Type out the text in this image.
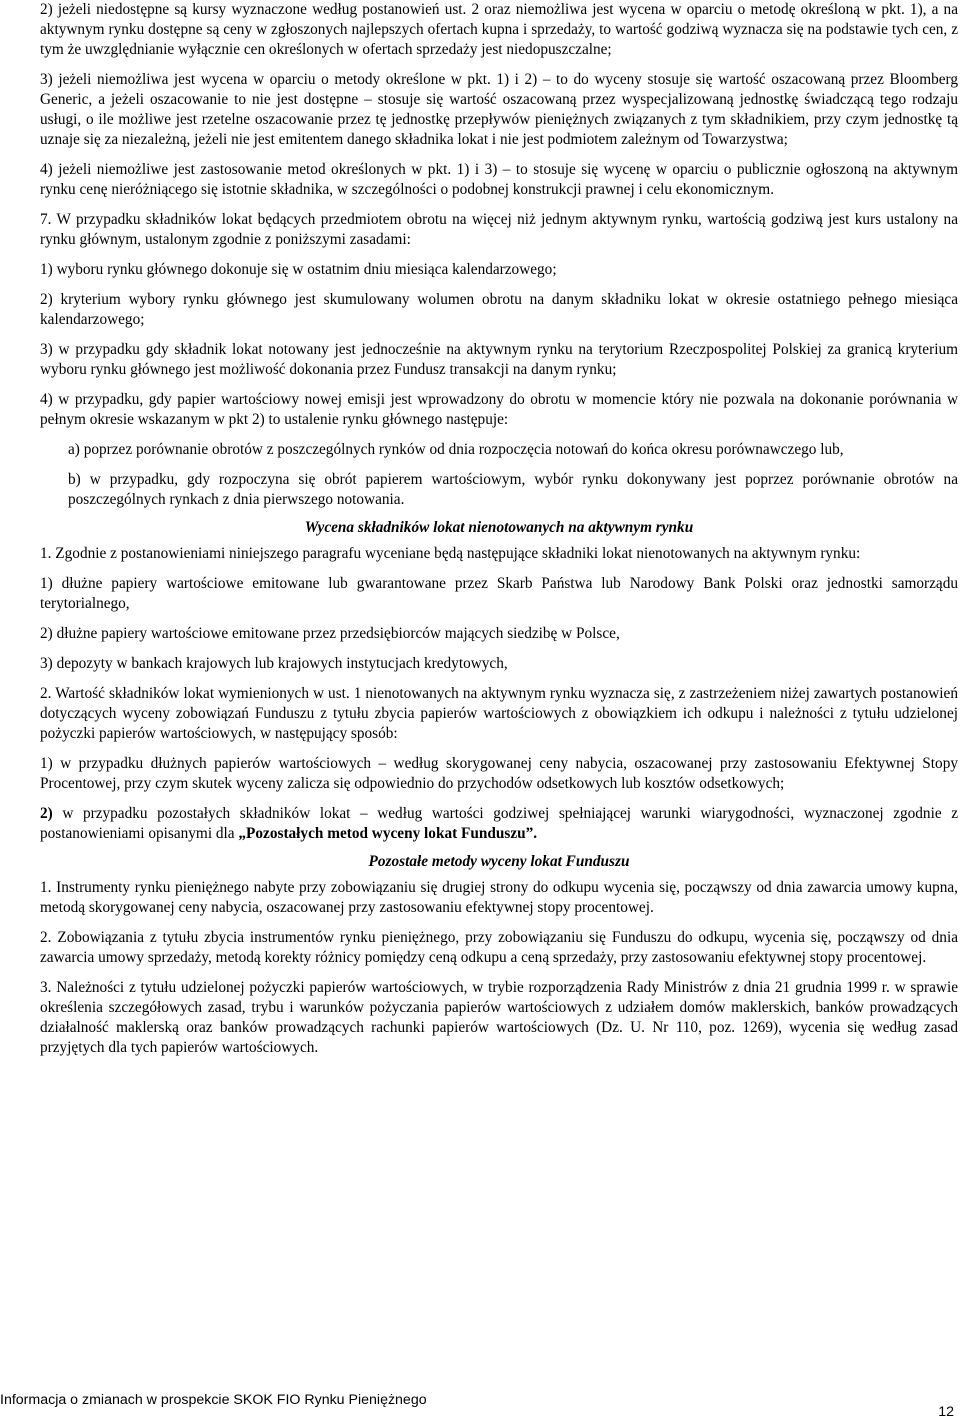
2) jeżeli niedostępne są kursy wyznaczone według postanowień ust. 2 oraz niemożliwa jest wycena w oparciu o metodę określoną w pkt. 1), a na aktywnym rynku dostępne są ceny w zgłoszonych najlepszych ofertach kupna i sprzedaży, to wartość godziwą wyznacza się na podstawie tych cen, z tym że uwzględnianie wyłącznie cen określonych w ofertach sprzedaży jest niedopuszczalne;

3) jeżeli niemożliwa jest wycena w oparciu o metody określone w pkt. 1) i 2) – to do wyceny stosuje się wartość oszacowaną przez Bloomberg Generic, a jeżeli oszacowanie to nie jest dostępne – stosuje się wartość oszacowaną przez wyspecjalizowaną jednostkę świadczącą tego rodzaju usługi, o ile możliwe jest rzetelne oszacowanie przez tę jednostkę przepływów pieniężnych związanych z tym składnikiem, przy czym jednostkę tą uznaje się za niezależną, jeżeli nie jest emitentem danego składnika lokat i nie jest podmiotem zależnym od Towarzystwa;

4) jeżeli niemożliwe jest zastosowanie metod określonych w pkt. 1) i 3) – to stosuje się wycenę w oparciu o publicznie ogłoszoną na aktywnym rynku cenę nieróżniącego się istotnie składnika, w szczególności o podobnej konstrukcji prawnej i celu ekonomicznym.

7. W przypadku składników lokat będących przedmiotem obrotu na więcej niż jednym aktywnym rynku, wartością godziwą jest kurs ustalony na rynku głównym, ustalonym zgodnie z poniższymi zasadami:

1) wyboru rynku głównego dokonuje się w ostatnim dniu miesiąca kalendarzowego;

2) kryterium wybory rynku głównego jest skumulowany wolumen obrotu na danym składniku lokat w okresie ostatniego pełnego miesiąca kalendarzowego;

3) w przypadku gdy składnik lokat notowany jest jednocześnie na aktywnym rynku na terytorium Rzeczpospolitej Polskiej za granicą kryterium wyboru rynku głównego jest możliwość dokonania przez Fundusz transakcji na danym rynku;

4) w przypadku, gdy papier wartościowy nowej emisji jest wprowadzony do obrotu w momencie który nie pozwala na dokonanie porównania w pełnym okresie wskazanym w pkt 2) to ustalenie rynku głównego następuje:

a) poprzez porównanie obrotów z poszczególnych rynków od dnia rozpoczęcia notowań do końca okresu porównawczego lub,

b) w przypadku, gdy rozpoczyna się obrót papierem wartościowym, wybór rynku dokonywany jest poprzez porównanie obrotów na poszczególnych rynkach z dnia pierwszego notowania.

Wycena składników lokat nienotowanych na aktywnym rynku

1. Zgodnie z postanowieniami niniejszego paragrafu wyceniane będą następujące składniki lokat nienotowanych na aktywnym rynku:

1) dłużne papiery wartościowe emitowane lub gwarantowane przez Skarb Państwa lub Narodowy Bank Polski oraz jednostki samorządu terytorialnego,

2) dłużne papiery wartościowe emitowane przez przedsiębiorców mających siedzibę w Polsce,

3) depozyty w bankach krajowych lub krajowych instytucjach kredytowych,

2. Wartość składników lokat wymienionych w ust. 1 nienotowanych na aktywnym rynku wyznacza się, z zastrzeżeniem niżej zawartych postanowień dotyczących wyceny zobowiązań Funduszu z tytułu zbycia papierów wartościowych z obowiązkiem ich odkupu i należności z tytułu udzielonej pożyczki papierów wartościowych, w następujący sposób:

1) w przypadku dłużnych papierów wartościowych – według skorygowanej ceny nabycia, oszacowanej przy zastosowaniu Efektywnej Stopy Procentowej, przy czym skutek wyceny zalicza się odpowiednio do przychodów odsetkowych lub kosztów odsetkowych;

2) w przypadku pozostałych składników lokat – według wartości godziwej spełniającej warunki wiarygodności, wyznaczonej zgodnie z postanowieniami opisanymi dla „Pozostałych metod wyceny lokat Funduszu”.

Pozostałe metody wyceny lokat Funduszu

1. Instrumenty rynku pieniężnego nabyte przy zobowiązaniu się drugiej strony do odkupu wycenia się, począwszy od dnia zawarcia umowy kupna, metodą skorygowanej ceny nabycia, oszacowanej przy zastosowaniu efektywnej stopy procentowej.

2. Zobowiązania z tytułu zbycia instrumentów rynku pieniężnego, przy zobowiązaniu się Funduszu do odkupu, wycenia się, począwszy od dnia zawarcia umowy sprzedaży, metodą korekty różnicy pomiędzy ceną odkupu a ceną sprzedaży, przy zastosowaniu efektywnej stopy procentowej.

3. Należności z tytułu udzielonej pożyczki papierów wartościowych, w trybie rozporządzenia Rady Ministrów z dnia 21 grudnia 1999 r. w sprawie określenia szczegółowych zasad, trybu i warunków pożyczania papierów wartościowych z udziałem domów maklerskich, banków prowadzących działalność maklerską oraz banków prowadzących rachunki papierów wartościowych (Dz. U. Nr 110, poz. 1269), wycenia się według zasad przyjętych dla tych papierów wartościowych.

Informacja o zmianach w prospekcie SKOK FIO Rynku Pieniężnego
12
